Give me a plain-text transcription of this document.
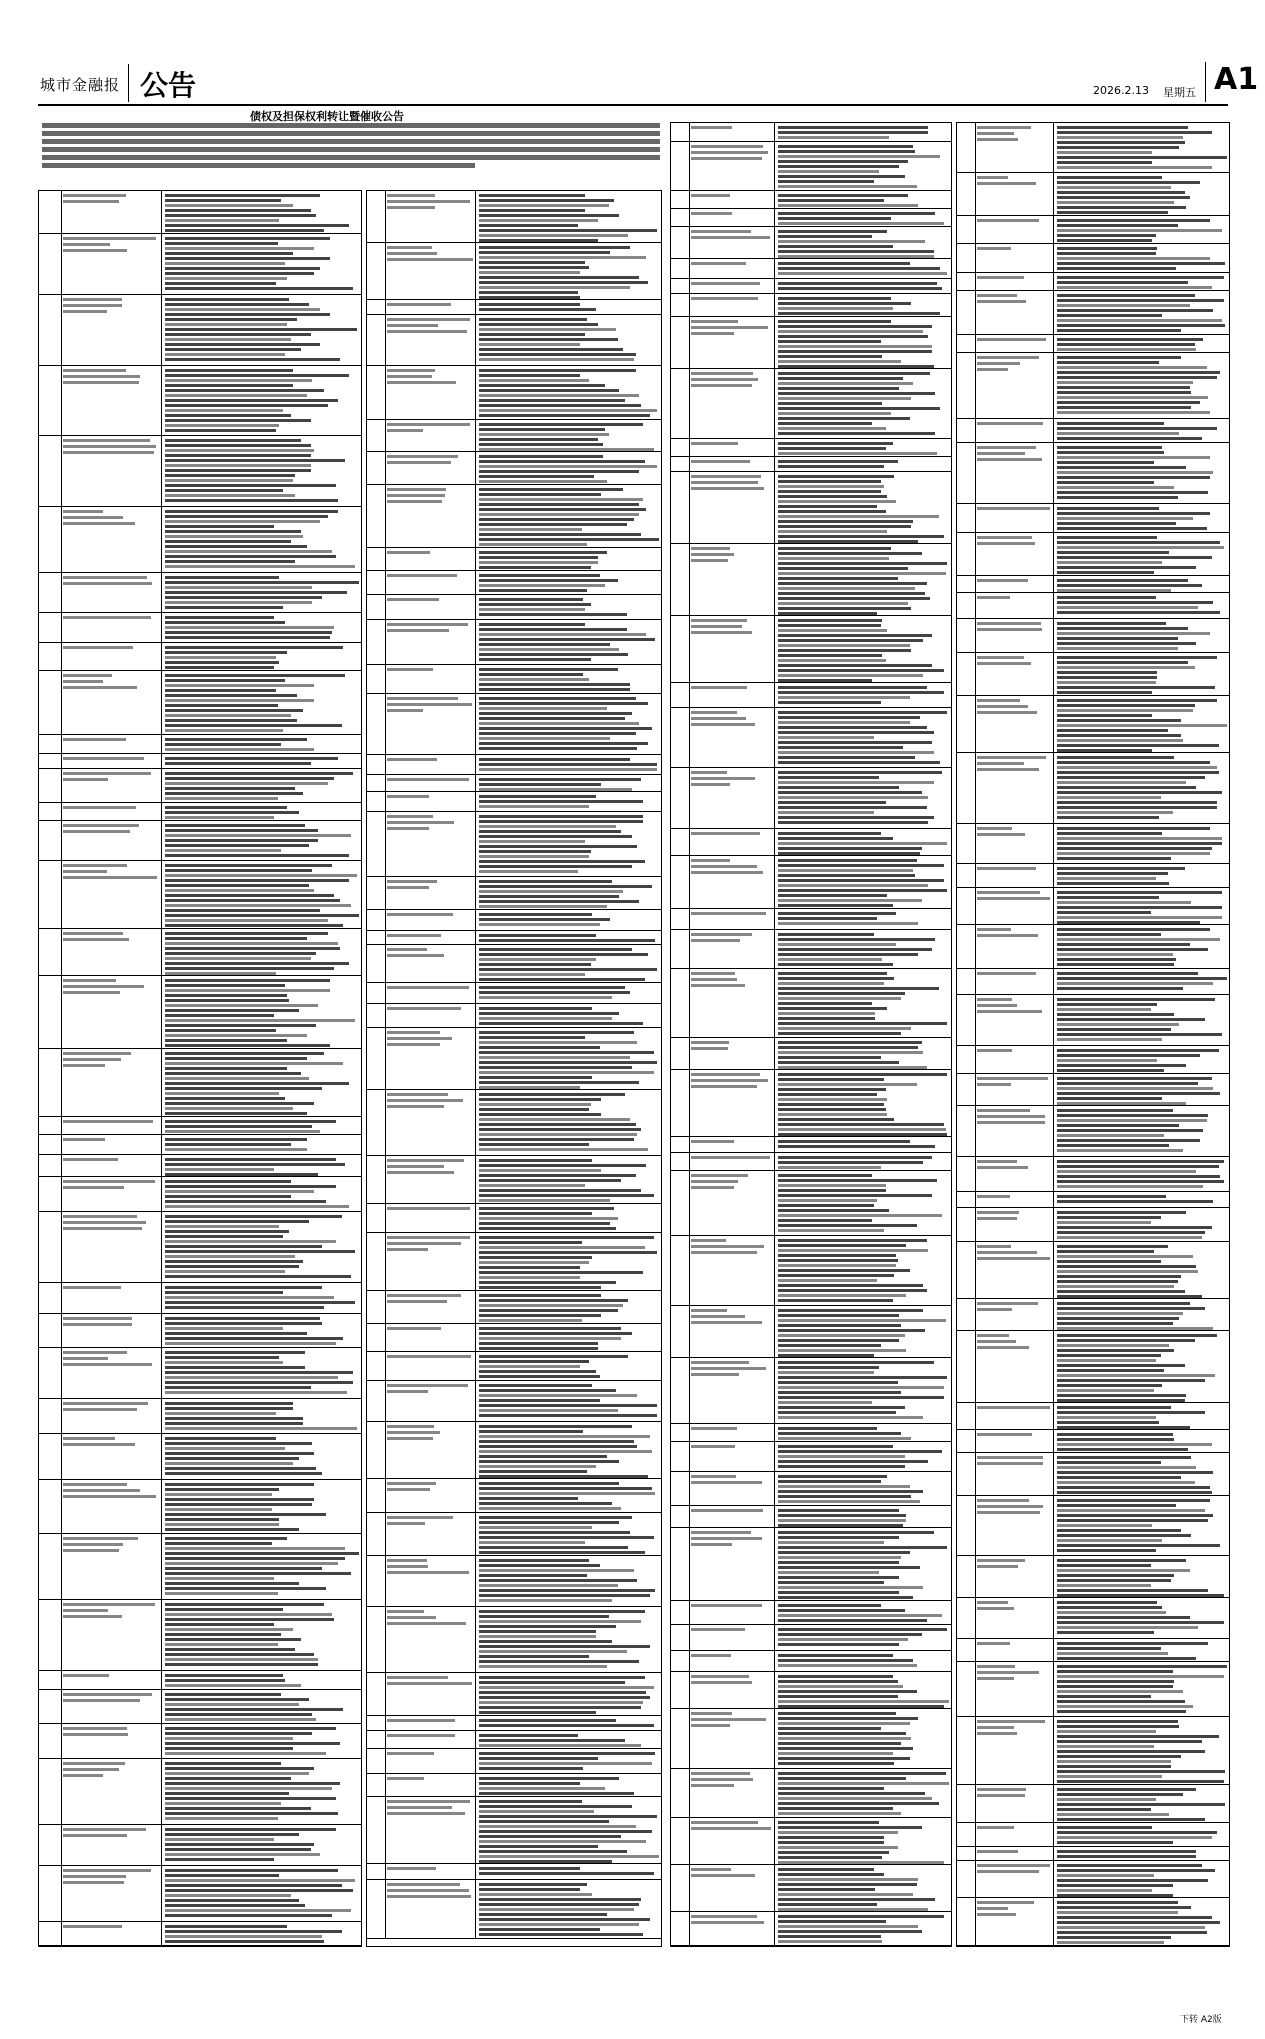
城市金融报 公告	2026.2.13 星期五 A1
债权及担保权利转让暨催收公告
下转 A2版
